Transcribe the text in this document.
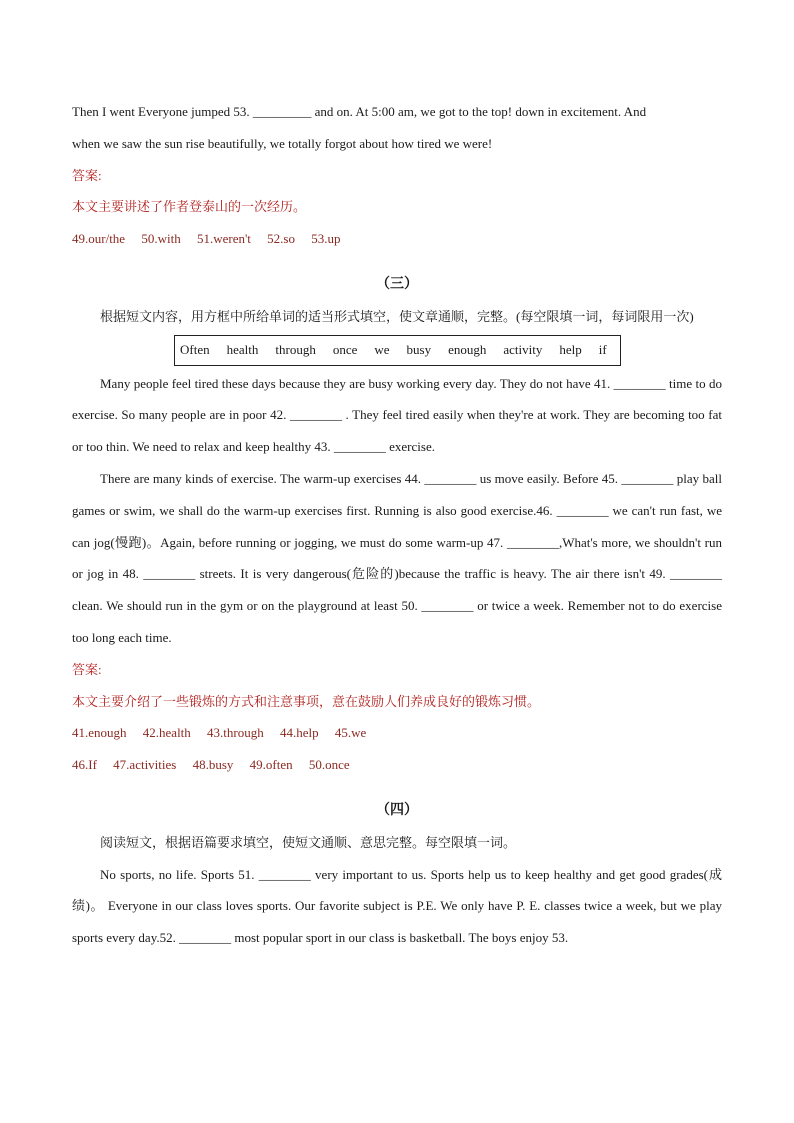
Then I went Everyone jumped 53. _________ and on. At 5:00 am, we got to the top! down in excitement. And

when we saw the sun rise beautifully, we totally forgot about how tired we were!

答案:

本文主要讲述了作者登泰山的一次经历。

49.our/the 50.with 51.weren't 52.so 53.up

（三）

根据短文内容，用方框中所给单词的适当形式填空，使文章通顺，完整。(每空限填一词，每词限用一次)

Often health through once we busy enough activity help if

Many people feel tired these days because they are busy working every day. They do not have 41. ________ time to do exercise. So many people are in poor 42. ________ . They feel tired easily when they're at work. They are becoming too fat or too thin. We need to relax and keep healthy 43. ________ exercise.

There are many kinds of exercise. The warm-up exercises 44. ________ us move easily. Before 45. ________ play ball games or swim, we shall do the warm-up exercises first. Running is also good exercise.46. ________ we can't run fast, we can jog(慢跑)。Again, before running or jogging, we must do some warm-up 47. ________,What's more, we shouldn't run or jog in 48. ________ streets. It is very dangerous(危险的)because the traffic is heavy. The air there isn't 49. ________ clean. We should run in the gym or on the playground at least 50. ________ or twice a week. Remember not to do exercise too long each time.

答案:

本文主要介绍了一些锻炼的方式和注意事项，意在鼓励人们养成良好的锻炼习惯。

41.enough 42.health 43.through 44.help 45.we

46.If 47.activities 48.busy 49.often 50.once

（四）

阅读短文，根据语篇要求填空，使短文通顺、意思完整。每空限填一词。

No sports, no life. Sports 51. ________ very important to us. Sports help us to keep healthy and get good grades(成绩)。 Everyone in our class loves sports. Our favorite subject is P.E. We only have P. E. classes twice a week, but we play sports every day.52. ________ most popular sport in our class is basketball. The boys enjoy 53.
